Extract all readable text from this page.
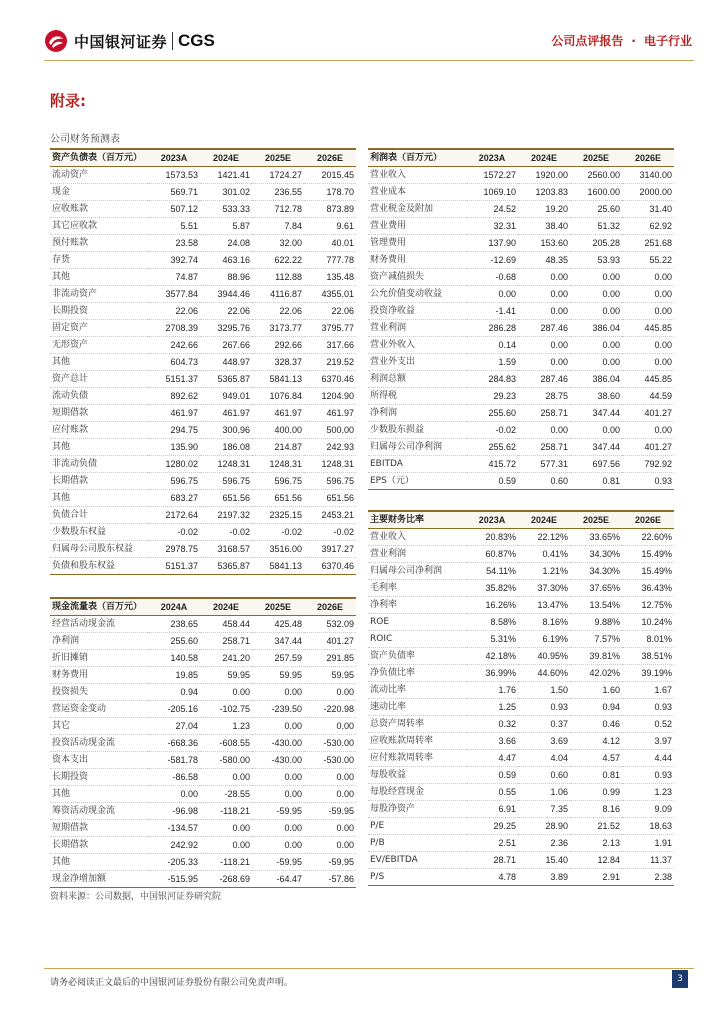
中国银河证券 CGS	公司点评报告 · 电子行业
附录:
公司财务预测表
资产负债表（百万元）	2023A	2024E	2025E	2026E
流动资产	1573.53	1421.41	1724.27	2015.45
现金	569.71	301.02	236.55	178.70
应收账款	507.12	533.33	712.78	873.89
其它应收款	5.51	5.87	7.84	9.61
预付账款	23.58	24.08	32.00	40.01
存货	392.74	463.16	622.22	777.78
其他	74.87	88.96	112.88	135.48
非流动资产	3577.84	3944.46	4116.87	4355.01
长期投资	22.06	22.06	22.06	22.06
固定资产	2708.39	3295.76	3173.77	3795.77
无形资产	242.66	267.66	292.66	317.66
其他	604.73	448.97	328.37	219.52
资产总计	5151.37	5365.87	5841.13	6370.46
流动负债	892.62	949.01	1076.84	1204.90
短期借款	461.97	461.97	461.97	461.97
应付账款	294.75	300.96	400.00	500.00
其他	135.90	186.08	214.87	242.93
非流动负债	1280.02	1248.31	1248.31	1248.31
长期借款	596.75	596.75	596.75	596.75
其他	683.27	651.56	651.56	651.56
负债合计	2172.64	2197.32	2325.15	2453.21
少数股东权益	-0.02	-0.02	-0.02	-0.02
归属母公司股东权益	2978.75	3168.57	3516.00	3917.27
负债和股东权益	5151.37	5365.87	5841.13	6370.46
利润表（百万元）	2023A	2024E	2025E	2026E
营业收入	1572.27	1920.00	2560.00	3140.00
营业成本	1069.10	1203.83	1600.00	2000.00
营业税金及附加	24.52	19.20	25.60	31.40
营业费用	32.31	38.40	51.32	62.92
管理费用	137.90	153.60	205.28	251.68
财务费用	-12.69	48.35	53.93	55.22
资产减值损失	-0.68	0.00	0.00	0.00
公允价值变动收益	0.00	0.00	0.00	0.00
投资净收益	-1.41	0.00	0.00	0.00
营业利润	286.28	287.46	386.04	445.85
营业外收入	0.14	0.00	0.00	0.00
营业外支出	1.59	0.00	0.00	0.00
利润总额	284.83	287.46	386.04	445.85
所得税	29.23	28.75	38.60	44.59
净利润	255.60	258.71	347.44	401.27
少数股东损益	-0.02	0.00	0.00	0.00
归属母公司净利润	255.62	258.71	347.44	401.27
EBITDA	415.72	577.31	697.56	792.92
EPS（元）	0.59	0.60	0.81	0.93
主要财务比率	2023A	2024E	2025E	2026E
营业收入	20.83%	22.12%	33.65%	22.60%
营业利润	60.87%	0.41%	34.30%	15.49%
归属母公司净利润	54.11%	1.21%	34.30%	15.49%
毛利率	35.82%	37.30%	37.65%	36.43%
净利率	16.26%	13.47%	13.54%	12.75%
ROE	8.58%	8.16%	9.88%	10.24%
ROIC	5.31%	6.19%	7.57%	8.01%
资产负债率	42.18%	40.95%	39.81%	38.51%
净负债比率	36.99%	44.60%	42.02%	39.19%
流动比率	1.76	1.50	1.60	1.67
速动比率	1.25	0.93	0.94	0.93
总资产周转率	0.32	0.37	0.46	0.52
应收账款周转率	3.66	3.69	4.12	3.97
应付账款周转率	4.47	4.04	4.57	4.44
每股收益	0.59	0.60	0.81	0.93
每股经营现金	0.55	1.06	0.99	1.23
每股净资产	6.91	7.35	8.16	9.09
P/E	29.25	28.90	21.52	18.63
P/B	2.51	2.36	2.13	1.91
EV/EBITDA	28.71	15.40	12.84	11.37
P/S	4.78	3.89	2.91	2.38
现金流量表（百万元）	2024A	2024E	2025E	2026E
经营活动现金流	238.65	458.44	425.48	532.09
净利润	255.60	258.71	347.44	401.27
折旧摊销	140.58	241.20	257.59	291.85
财务费用	19.85	59.95	59.95	59.95
投资损失	0.94	0.00	0.00	0.00
营运资金变动	-205.16	-102.75	-239.50	-220.98
其它	27.04	1.23	0.00	0.00
投资活动现金流	-668.36	-608.55	-430.00	-530.00
资本支出	-581.78	-580.00	-430.00	-530.00
长期投资	-86.58	0.00	0.00	0.00
其他	0.00	-28.55	0.00	0.00
筹资活动现金流	-96.98	-118.21	-59.95	-59.95
短期借款	-134.57	0.00	0.00	0.00
长期借款	242.92	0.00	0.00	0.00
其他	-205.33	-118.21	-59.95	-59.95
现金净增加额	-515.95	-268.69	-64.47	-57.86
资料来源：公司数据，中国银河证券研究院
请务必阅读正文最后的中国银河证券股份有限公司免责声明。	3
